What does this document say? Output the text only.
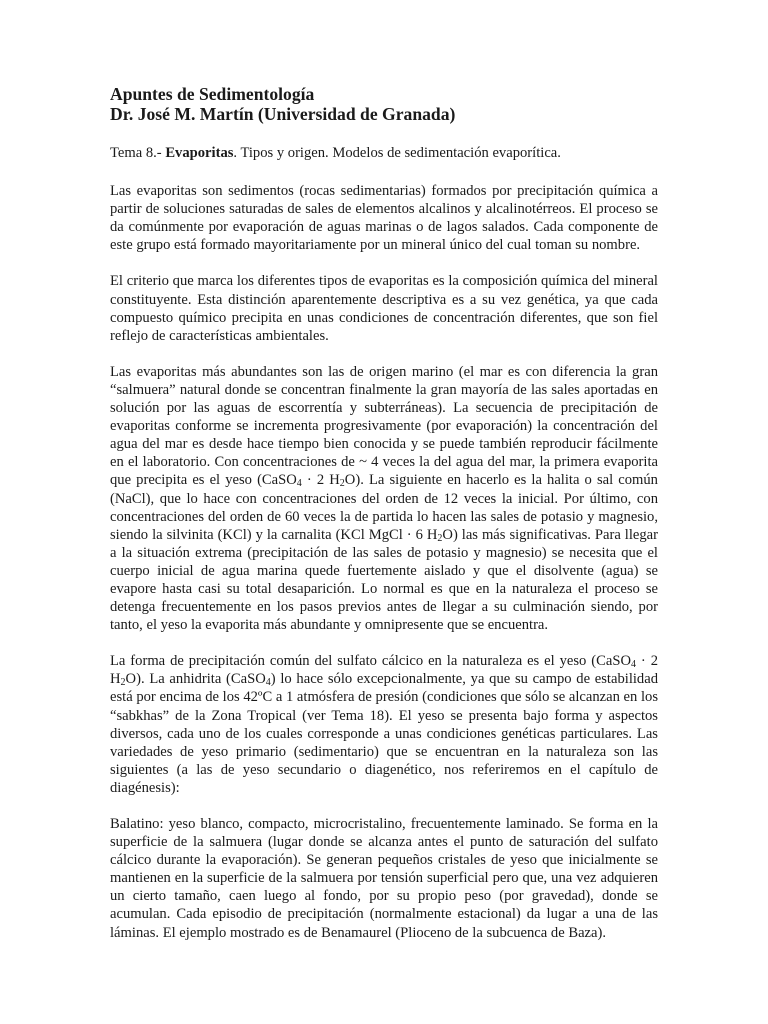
Apuntes de Sedimentología
Dr. José M. Martín (Universidad de Granada)
Tema 8.- Evaporitas. Tipos y origen. Modelos de sedimentación evaporítica.

Las evaporitas son sedimentos (rocas sedimentarias) formados por precipitación química a partir de soluciones saturadas de sales de elementos alcalinos y alcalinotérreos. El proceso se da comúnmente por evaporación de aguas marinas o de lagos salados. Cada componente de este grupo está formado mayoritariamente por un mineral único del cual toman su nombre.

El criterio que marca los diferentes tipos de evaporitas es la composición química del mineral constituyente. Esta distinción aparentemente descriptiva es a su vez genética, ya que cada compuesto químico precipita en unas condiciones de concentración diferentes, que son fiel reflejo de características ambientales.

Las evaporitas más abundantes son las de origen marino (el mar es con diferencia la gran “salmuera” natural donde se concentran finalmente la gran mayoría de las sales aportadas en solución por las aguas de escorrentía y subterráneas). La secuencia de precipitación de evaporitas conforme se incrementa progresivamente (por evaporación) la concentración del agua del mar es desde hace tiempo bien conocida y se puede también reproducir fácilmente en el laboratorio. Con concentraciones de ~ 4 veces la del agua del mar, la primera evaporita que precipita es el yeso (CaSO$_4$ · 2 $H_2O$). La siguiente en hacerlo es la halita o sal común (NaCl), que lo hace con concentraciones del orden de 12 veces la inicial. Por último, con concentraciones del orden de 60 veces la de partida lo hacen las sales de potasio y magnesio, siendo la silvinita (KCl) y la carnalita (KCl MgCl · 6 $H_2O$) las más significativas. Para llegar a la situación extrema (precipitación de las sales de potasio y magnesio) se necesita que el cuerpo inicial de agua marina quede fuertemente aislado y que el disolvente (agua) se evapore hasta casi su total desaparición. Lo normal es que en la naturaleza el proceso se detenga frecuentemente en los pasos previos antes de llegar a su culminación siendo, por tanto, el yeso la evaporita más abundante y omnipresente que se encuentra.

La forma de precipitación común del sulfato cálcico en la naturaleza es el yeso (CaSO$_4$ · 2 $H_2O$). La anhidrita (CaSO$_4$) lo hace sólo excepcionalmente, ya que su campo de estabilidad está por encima de los 42ºC a 1 atmósfera de presión (condiciones que sólo se alcanzan en los “sabkhas” de la Zona Tropical (ver Tema 18). El yeso se presenta bajo forma y aspectos diversos, cada uno de los cuales corresponde a unas condiciones genéticas particulares. Las variedades de yeso primario (sedimentario) que se encuentran en la naturaleza son las siguientes (a las de yeso secundario o diagenético, nos referiremos en el capítulo de diagénesis):

Balatino: yeso blanco, compacto, microcristalino, frecuentemente laminado. Se forma en la superficie de la salmuera (lugar donde se alcanza antes el punto de saturación del sulfato cálcico durante la evaporación). Se generan pequeños cristales de yeso que inicialmente se mantienen en la superficie de la salmuera por tensión superficial pero que, una vez adquieren un cierto tamaño, caen luego al fondo, por su propio peso (por gravedad), donde se acumulan. Cada episodio de precipitación (normalmente estacional) da lugar a una de las láminas. El ejemplo mostrado es de Benamaurel (Plioceno de la subcuenca de Baza).
